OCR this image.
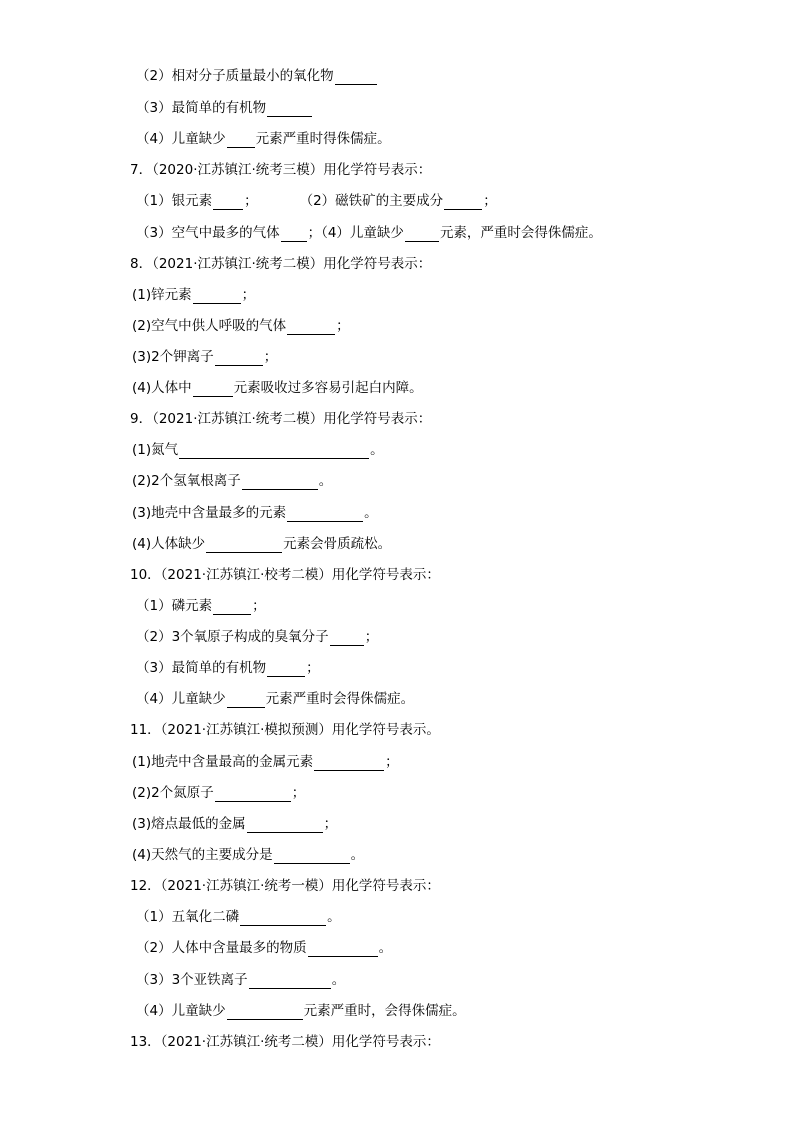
（2）相对分子质量最小的氧化物
（3）最简单的有机物
（4）儿童缺少 元素严重时得侏儒症。
7．（2020·江苏镇江·统考三模）用化学符号表示：
（1）银元素 ；	（2）磁铁矿的主要成分	；
（3）空气中最多的气体 ；（4）儿童缺少	元素，严重时会得侏儒症。
8．（2021·江苏镇江·统考二模）用化学符号表示：
(1)锌元素	；
(2)空气中供人呼吸的气体	；
(3)2个钾离子	；
(4)人体中	元素吸收过多容易引起白内障。
9．（2021·江苏镇江·统考二模）用化学符号表示：
(1)氮气	。
(2)2个氢氧根离子	。
(3)地壳中含量最多的元素	。
(4)人体缺少	元素会骨质疏松。
10．（2021·江苏镇江·校考二模）用化学符号表示：
（1）磷元素	；
（2）3个氧原子构成的臭氧分子	；
（3）最简单的有机物	；
（4）儿童缺少	元素严重时会得侏儒症。
11．（2021·江苏镇江·模拟预测）用化学符号表示。
(1)地壳中含量最高的金属元素	；
(2)2个氮原子	；
(3)熔点最低的金属	；
(4)天然气的主要成分是	。
12．（2021·江苏镇江·统考一模）用化学符号表示：
（1）五氧化二磷	。
（2）人体中含量最多的物质	。
（3）3个亚铁离子	。
（4）儿童缺少	元素严重时，会得侏儒症。
13．（2021·江苏镇江·统考二模）用化学符号表示：
